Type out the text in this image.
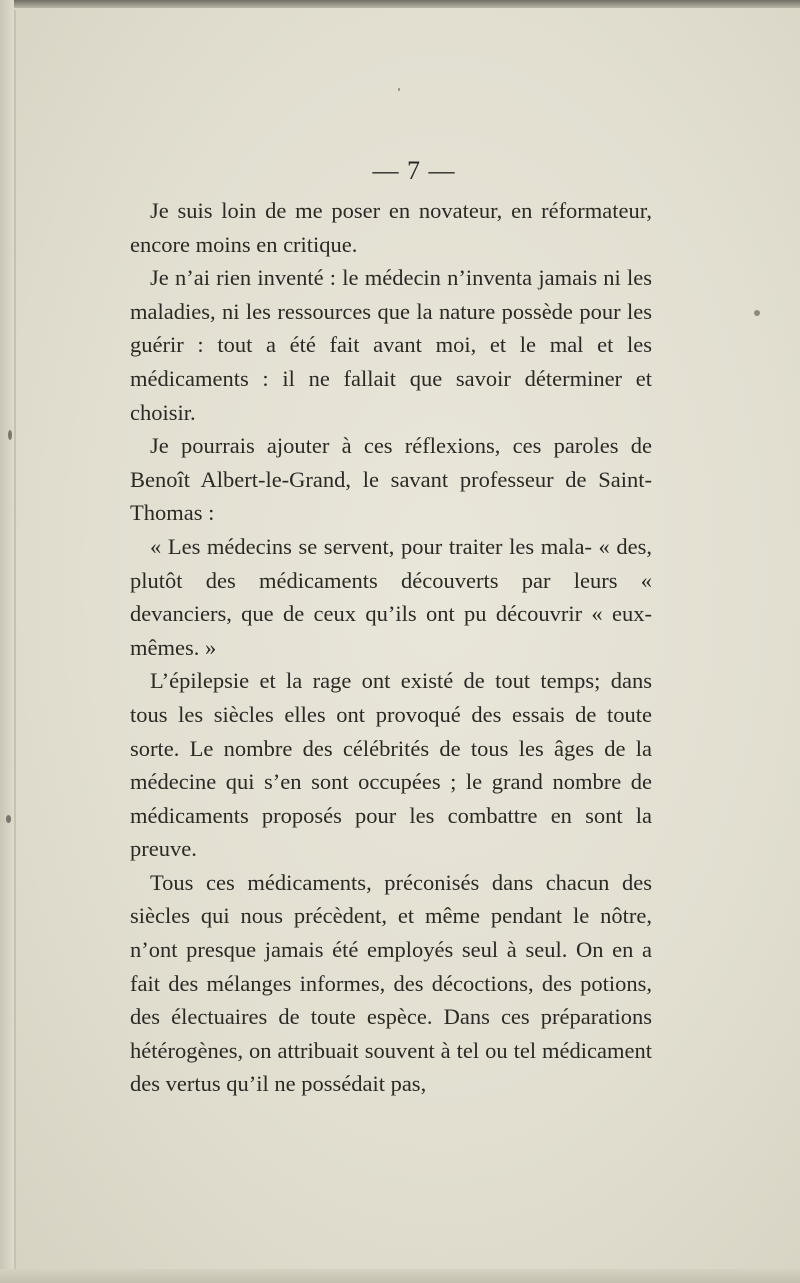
— 7 —

Je suis loin de me poser en novateur, en réformateur, encore moins en critique.

Je n’ai rien inventé : le médecin n’inventa jamais ni les maladies, ni les ressources que la nature possède pour les guérir : tout a été fait avant moi, et le mal et les médicaments : il ne fallait que savoir déterminer et choisir.

Je pourrais ajouter à ces réflexions, ces paroles de Benoît Albert-le-Grand, le savant professeur de Saint-Thomas :

« Les médecins se servent, pour traiter les mala- « des, plutôt des médicaments découverts par leurs « devanciers, que de ceux qu’ils ont pu découvrir « eux-mêmes. »

L’épilepsie et la rage ont existé de tout temps; dans tous les siècles elles ont provoqué des essais de toute sorte. Le nombre des célébrités de tous les âges de la médecine qui s’en sont occupées ; le grand nombre de médicaments proposés pour les combattre en sont la preuve.

Tous ces médicaments, préconisés dans chacun des siècles qui nous précèdent, et même pendant le nôtre, n’ont presque jamais été employés seul à seul. On en a fait des mélanges informes, des décoctions, des potions, des électuaires de toute espèce. Dans ces préparations hétérogènes, on attribuait souvent à tel ou tel médicament des vertus qu’il ne possédait pas,
